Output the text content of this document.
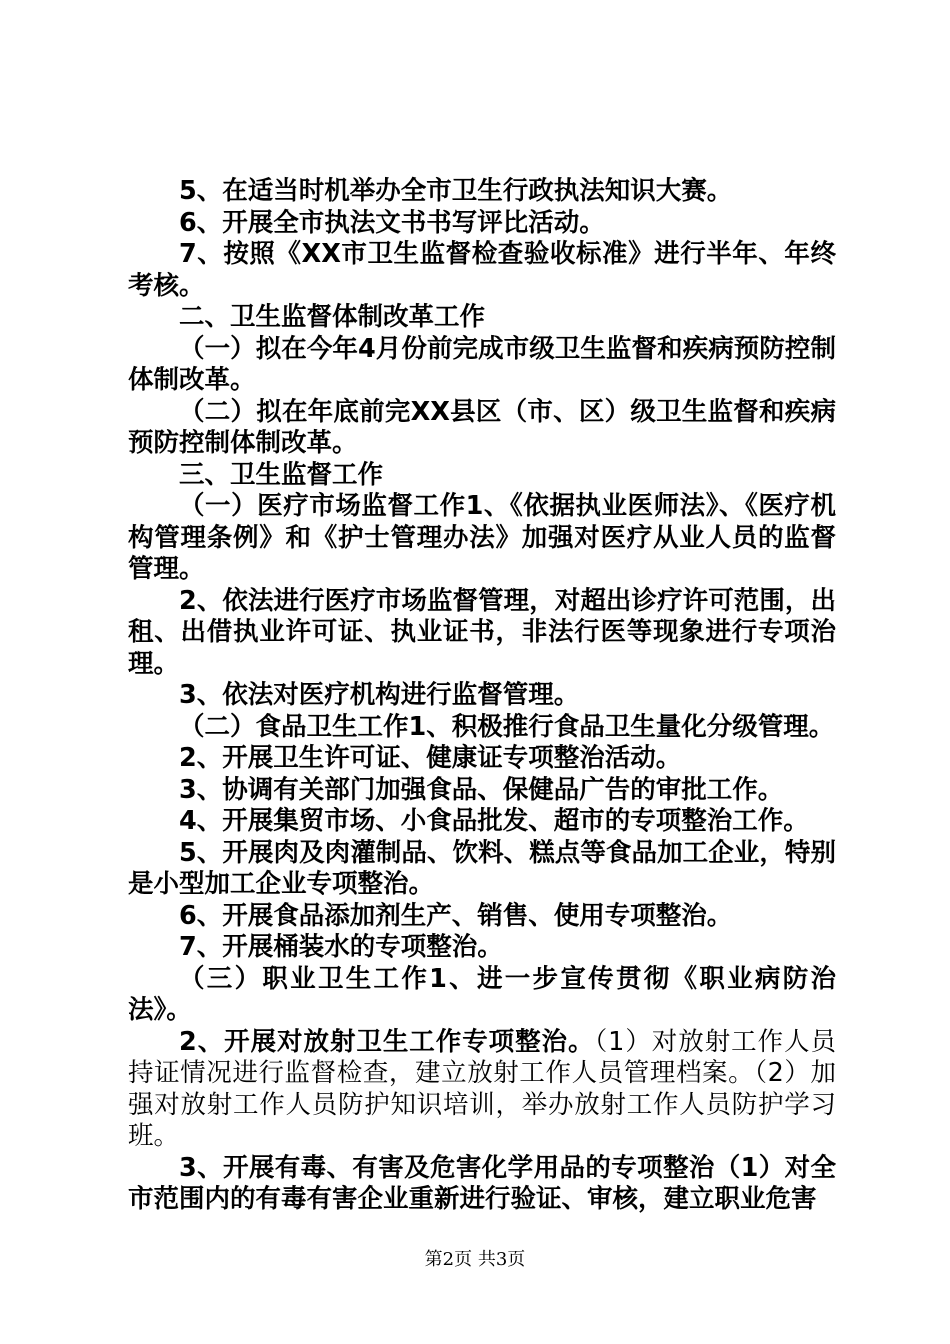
5、在适当时机举办全市卫生行政执法知识大赛。

6、开展全市执法文书书写评比活动。

7、按照《XX市卫生监督检查验收标准》进行半年、年终考核。

二、卫生监督体制改革工作

（一）拟在今年4月份前完成市级卫生监督和疾病预防控制体制改革。

（二）拟在年底前完XX县区（市、区）级卫生监督和疾病预防控制体制改革。

三、卫生监督工作

（一）医疗市场监督工作1、《依据执业医师法》、《医疗机构管理条例》和《护士管理办法》加强对医疗从业人员的监督管理。

2、依法进行医疗市场监督管理，对超出诊疗许可范围，出租、出借执业许可证、执业证书，非法行医等现象进行专项治理。

3、依法对医疗机构进行监督管理。

（二）食品卫生工作1、积极推行食品卫生量化分级管理。

2、开展卫生许可证、健康证专项整治活动。

3、协调有关部门加强食品、保健品广告的审批工作。

4、开展集贸市场、小食品批发、超市的专项整治工作。

5、开展肉及肉灌制品、饮料、糕点等食品加工企业，特别是小型加工企业专项整治。

6、开展食品添加剂生产、销售、使用专项整治。

7、开展桶装水的专项整治。

（三）职业卫生工作1、进一步宣传贯彻《职业病防治法》。

2、开展对放射卫生工作专项整治。（1）对放射工作人员持证情况进行监督检查，建立放射工作人员管理档案。（2）加强对放射工作人员防护知识培训，举办放射工作人员防护学习班。

3、开展有毒、有害及危害化学用品的专项整治（1）对全市范围内的有毒有害企业重新进行验证、审核，建立职业危害

第2页 共3页
